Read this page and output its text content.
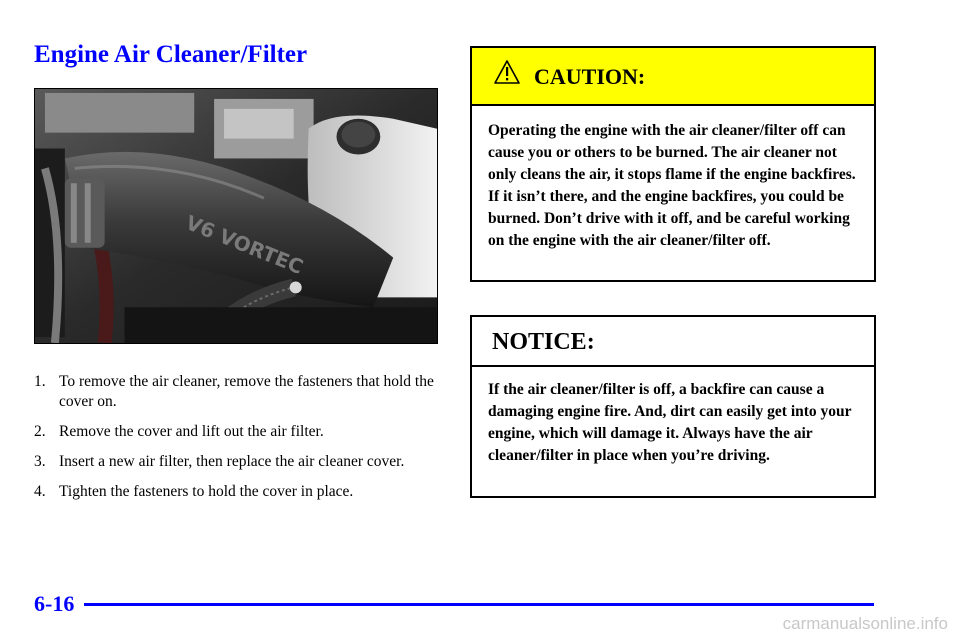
Engine Air Cleaner/Filter
V6 VORTEC
1. To remove the air cleaner, remove the fasteners that hold the cover on.
2. Remove the cover and lift out the air filter.
3. Insert a new air filter, then replace the air cleaner cover.
4. Tighten the fasteners to hold the cover in place.
CAUTION:
Operating the engine with the air cleaner/filter off can cause you or others to be burned. The air cleaner not only cleans the air, it stops flame if the engine backfires. If it isn’t there, and the engine backfires, you could be burned. Don’t drive with it off, and be careful working on the engine with the air cleaner/filter off.
NOTICE:
If the air cleaner/filter is off, a backfire can cause a damaging engine fire. And, dirt can easily get into your engine, which will damage it. Always have the air cleaner/filter in place when you’re driving.
6-16
carmanualsonline.info
